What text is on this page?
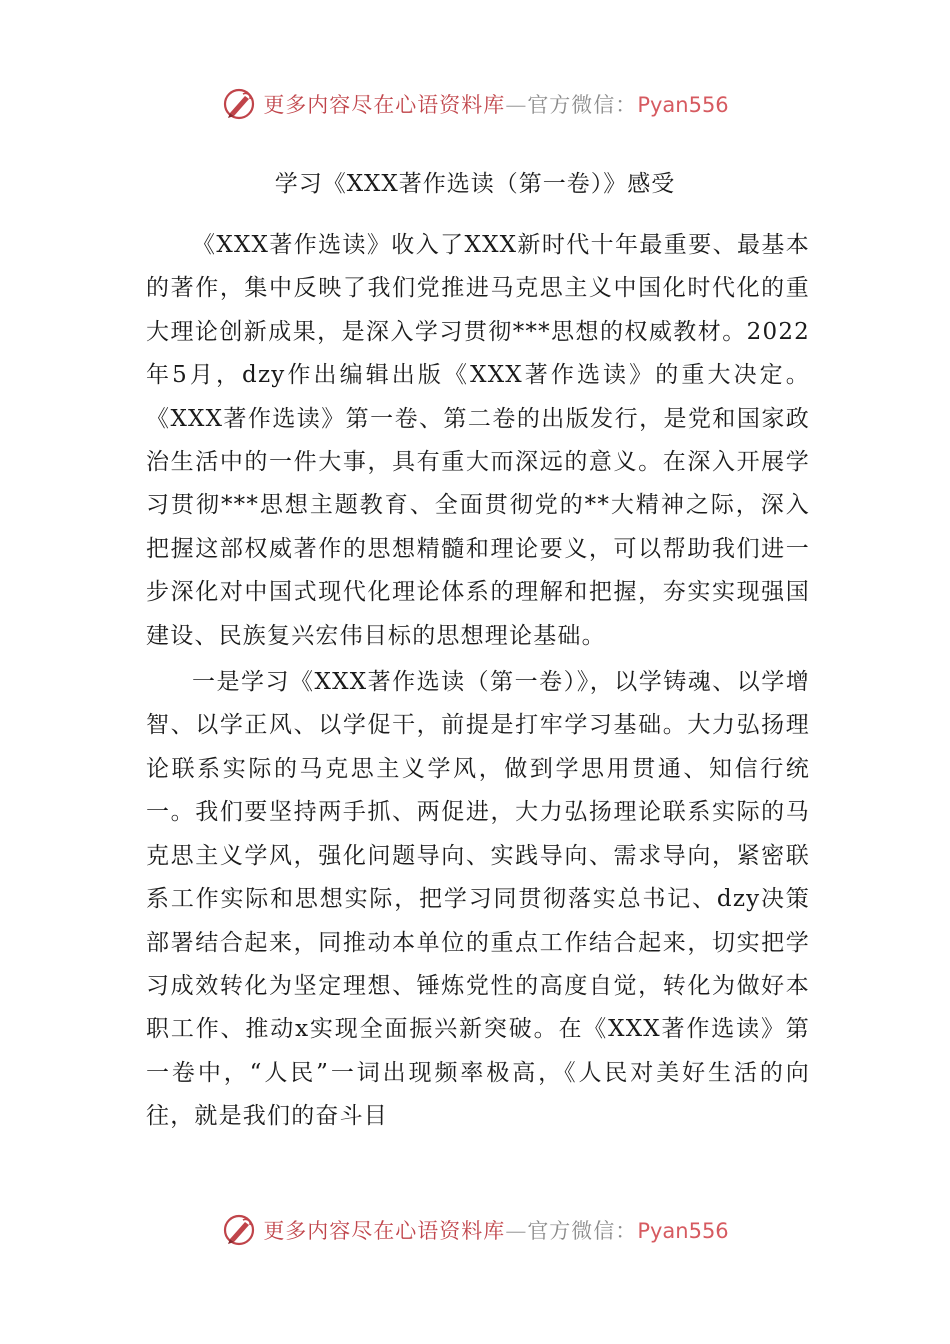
更多内容尽在心语资料库—官方微信：Pyan556
学习《XXX著作选读（第一卷）》感受

《XXX著作选读》收入了XXX新时代十年最重要、最基本的著作，集中反映了我们党推进马克思主义中国化时代化的重大理论创新成果，是深入学习贯彻***思想的权威教材。2022年5月，dzy作出编辑出版《XXX著作选读》的重大决定。《XXX著作选读》第一卷、第二卷的出版发行，是党和国家政治生活中的一件大事，具有重大而深远的意义。在深入开展学习贯彻***思想主题教育、全面贯彻党的**大精神之际，深入把握这部权威著作的思想精髓和理论要义，可以帮助我们进一步深化对中国式现代化理论体系的理解和把握，夯实实现强国建设、民族复兴宏伟目标的思想理论基础。

一是学习《XXX著作选读（第一卷）》，以学铸魂、以学增智、以学正风、以学促干，前提是打牢学习基础。大力弘扬理论联系实际的马克思主义学风，做到学思用贯通、知信行统一。我们要坚持两手抓、两促进，大力弘扬理论联系实际的马克思主义学风，强化问题导向、实践导向、需求导向，紧密联系工作实际和思想实际，把学习同贯彻落实总书记、dzy决策部署结合起来，同推动本单位的重点工作结合起来，切实把学习成效转化为坚定理想、锤炼党性的高度自觉，转化为做好本职工作、推动x实现全面振兴新突破。在《XXX著作选读》第一卷中，“人民”一词出现频率极高，《人民对美好生活的向往，就是我们的奋斗目

更多内容尽在心语资料库—官方微信：Pyan556
